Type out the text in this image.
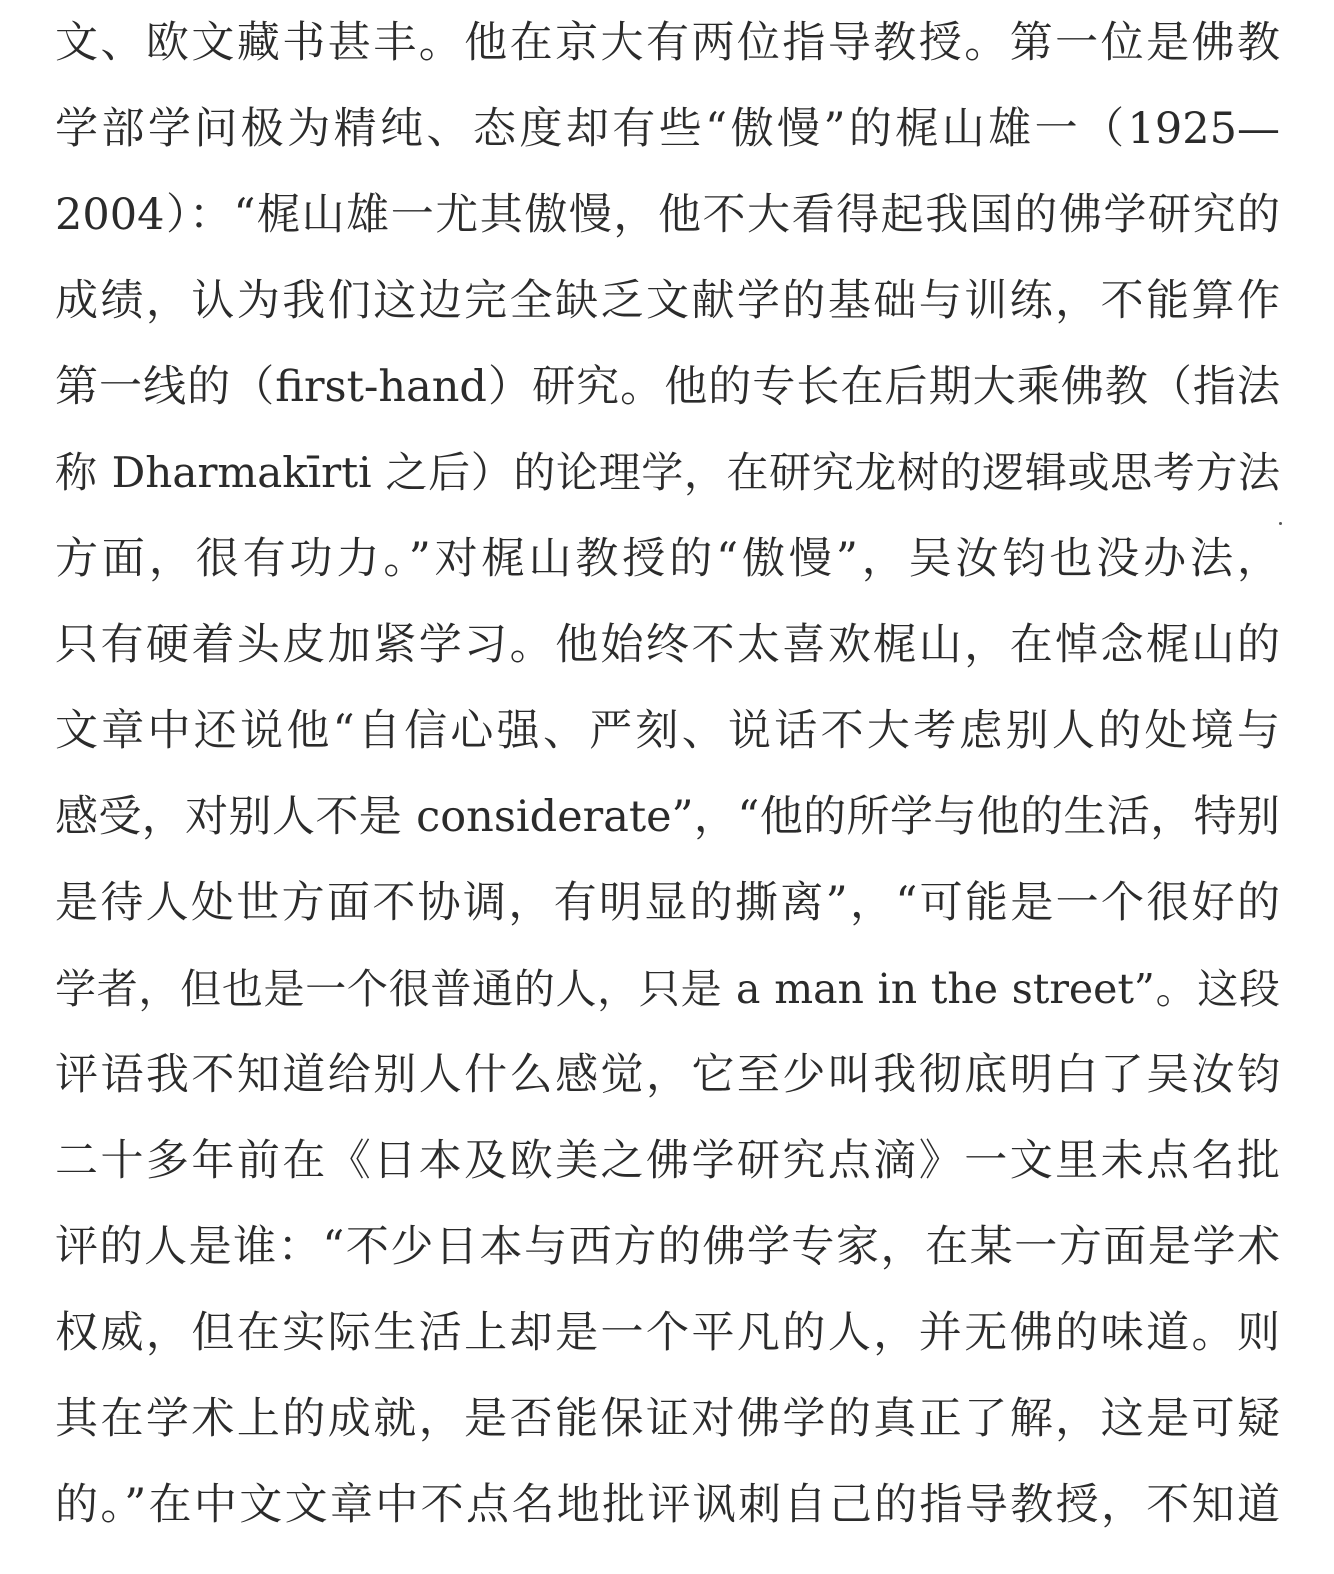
文、欧文藏书甚丰。他在京大有两位指导教授。第一位是佛教
学部学问极为精纯、态度却有些“傲慢”的梶山雄一（1925—
2004）：“梶山雄一尤其傲慢，他不大看得起我国的佛学研究的
成绩，认为我们这边完全缺乏文献学的基础与训练，不能算作
第一线的（first-hand）研究。他的专长在后期大乘佛教（指法
称 Dharmakīrti 之后）的论理学，在研究龙树的逻辑或思考方法
方面，很有功力。”对梶山教授的“傲慢”，吴汝钧也没办法，
只有硬着头皮加紧学习。他始终不太喜欢梶山，在悼念梶山的
文章中还说他“自信心强、严刻、说话不大考虑别人的处境与
感受，对别人不是 considerate”，“他的所学与他的生活，特别
是待人处世方面不协调，有明显的撕离”，“可能是一个很好的
学者，但也是一个很普通的人，只是 a man in the street”。这段
评语我不知道给别人什么感觉，它至少叫我彻底明白了吴汝钧
二十多年前在《日本及欧美之佛学研究点滴》一文里未点名批
评的人是谁：“不少日本与西方的佛学专家，在某一方面是学术
权威，但在实际生活上却是一个平凡的人，并无佛的味道。则
其在学术上的成就，是否能保证对佛学的真正了解，这是可疑
的。”在中文文章中不点名地批评讽刺自己的指导教授，不知道
